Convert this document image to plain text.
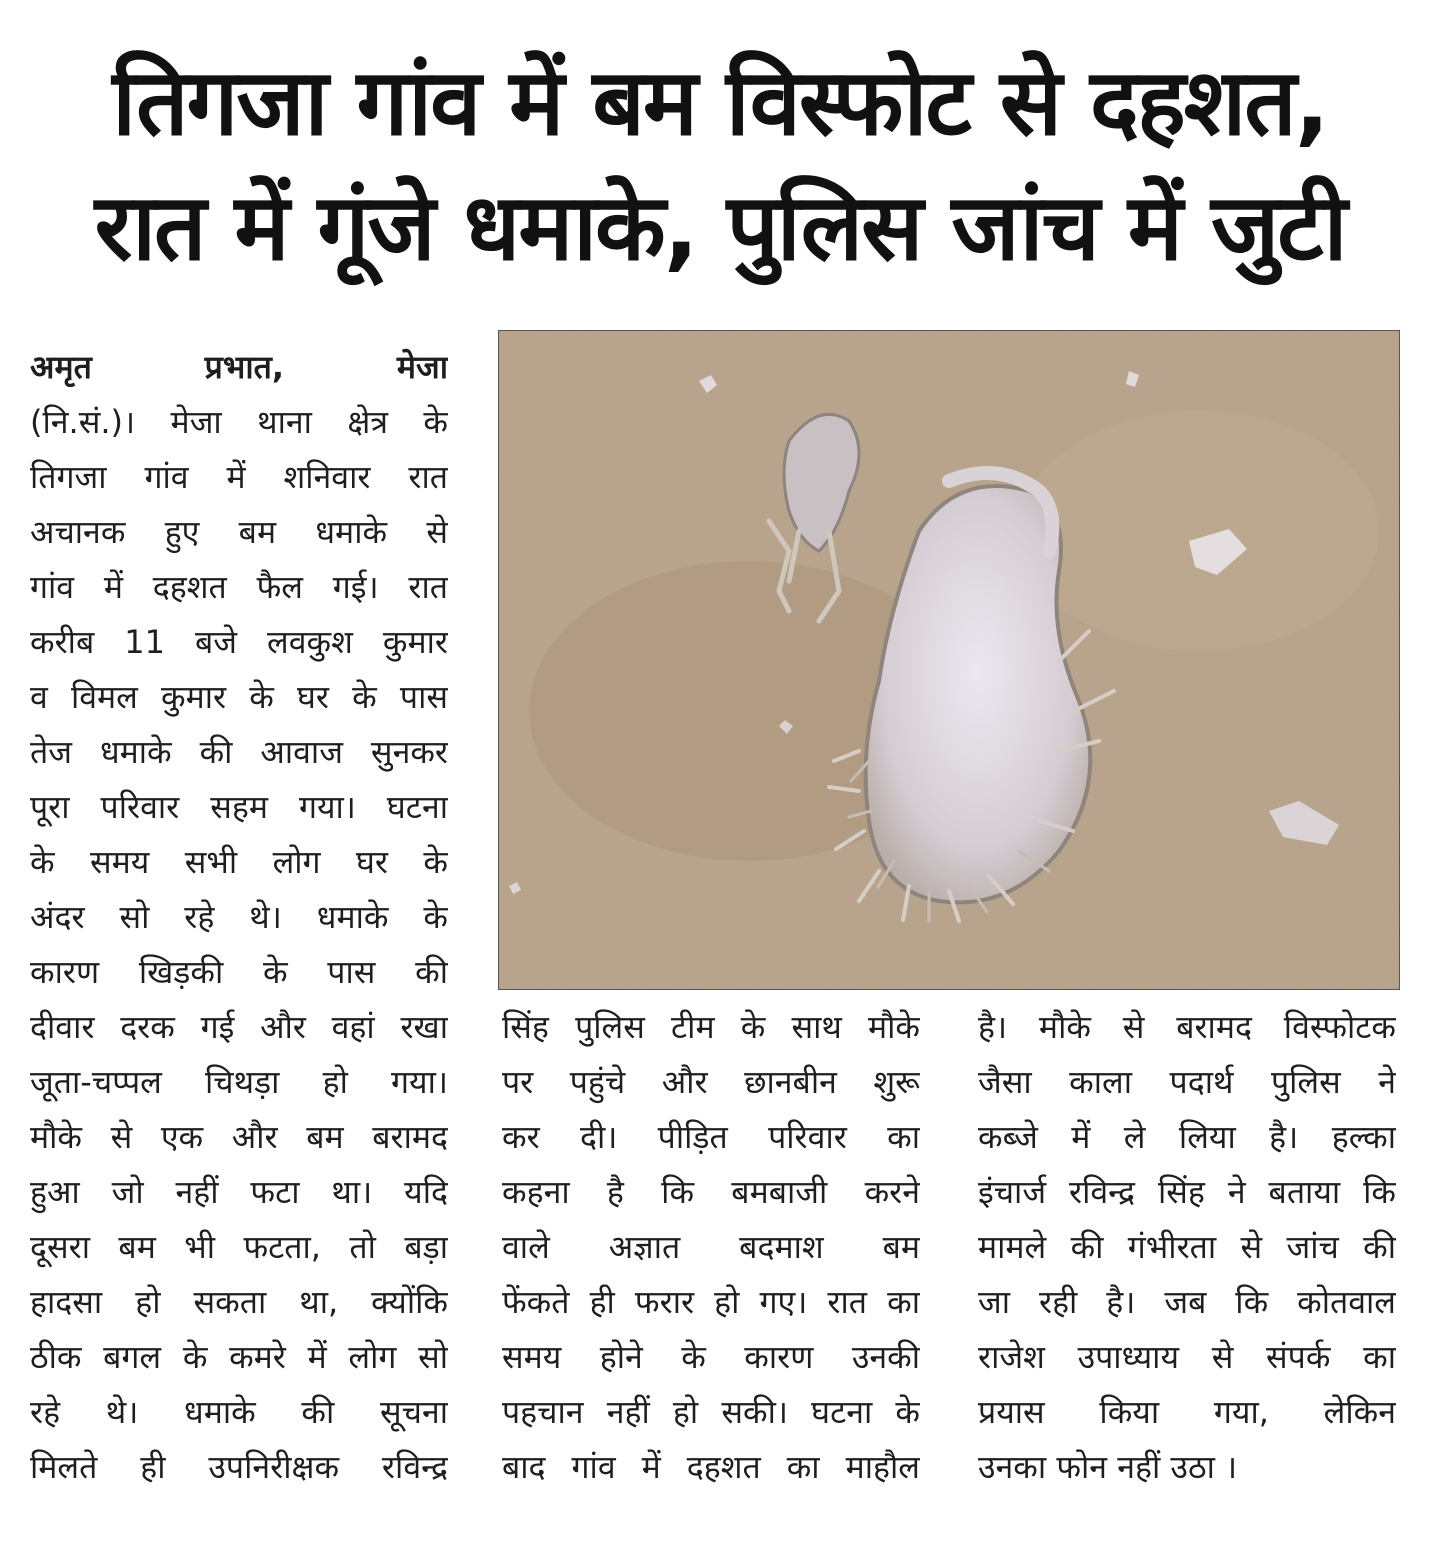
तिगजा गांव में बम विस्फोट से दहशत,
रात में गूंजे धमाके, पुलिस जांच में जुटी
अमृत प्रभात, मेजा
(नि.सं.)। मेजा थाना क्षेत्र के
तिगजा गांव में शनिवार रात
अचानक हुए बम धमाके से
गांव में दहशत फैल गई। रात
करीब 11 बजे लवकुश कुमार
व विमल कुमार के घर के पास
तेज धमाके की आवाज सुनकर
पूरा परिवार सहम गया। घटना
के समय सभी लोग घर के
अंदर सो रहे थे। धमाके के
कारण खिड़की के पास की
दीवार दरक गई और वहां रखा
जूता-चप्पल चिथड़ा हो गया।
मौके से एक और बम बरामद
हुआ जो नहीं फटा था। यदि
दूसरा बम भी फटता, तो बड़ा
हादसा हो सकता था, क्योंकि
ठीक बगल के कमरे में लोग सो
रहे थे। धमाके की सूचना
मिलते ही उपनिरीक्षक रविन्द्र
सिंह पुलिस टीम के साथ मौके
पर पहुंचे और छानबीन शुरू
कर दी। पीड़ित परिवार का
कहना है कि बमबाजी करने
वाले अज्ञात बदमाश बम
फेंकते ही फरार हो गए। रात का
समय होने के कारण उनकी
पहचान नहीं हो सकी। घटना के
बाद गांव में दहशत का माहौल
है। मौके से बरामद विस्फोटक
जैसा काला पदार्थ पुलिस ने
कब्जे में ले लिया है। हल्का
इंचार्ज रविन्द्र सिंह ने बताया कि
मामले की गंभीरता से जांच की
जा रही है। जब कि कोतवाल
राजेश उपाध्याय से संपर्क का
प्रयास किया गया, लेकिन
उनका फोन नहीं उठा ।
